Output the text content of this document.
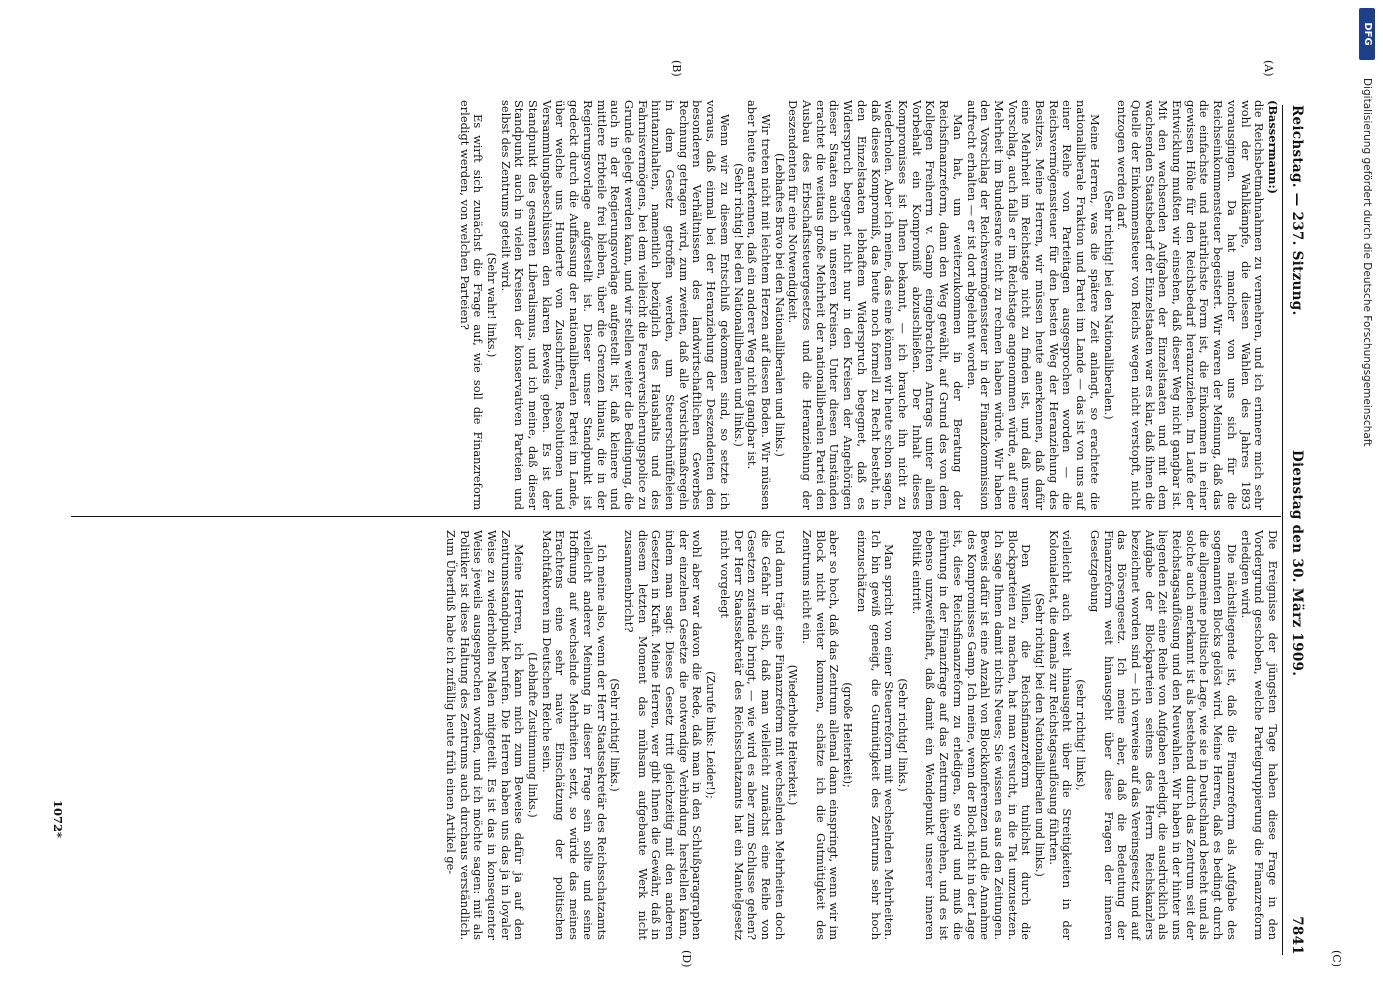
Reichstag. — 237. Sitzung.
Dienstag den 30. März 1909.
7841
(A)
(B)
(C)
(D)

(Bassermann:)

die Reichsbetmahnahmen zu vermehren, und ich erinnere mich sehr wohl der Wahlkämpfe, die diesen Wahlen des Jahres 1893 vorausgingen. Da hat mancher von uns sich für die Reichseinkommensteuer begeistert. Wir waren der Meinung, daß das die einfachste und natürlichste Form ist, die Einkommen in einer gewissen Höhe für den Reichsbedarf heranzuziehen. Im Laufe der Entwicklung mußten wir einsehen, daß dieser Weg nicht gangbar ist. Mit den wachsenden Aufgaben der Einzelstaaten und mit dem wachsenden Staatsbedarf der Einzelstaaten war es klar, daß ihnen die Quelle der Einkommensteuer von Reichs wegen nicht verstopft, nicht entzogen werden darf.

(Sehr richtig! bei den Nationalliberalen.)

Meine Herren, was die spätere Zeit anlangt, so erachtete die nationalliberale Fraktion und Partei im Lande — das ist von uns auf einer Reihe von Parteitagen ausgesprochen worden — die Reichsvermögenssteuer für den besten Weg der Heranziehung des Besitzes. Meine Herren, wir müssen heute anerkennen, daß dafür eine Mehrheit im Reichstage nicht zu finden ist, und daß unser Vorschlag, auch falls er im Reichstage angenommen würde, auf eine Mehrheit im Bundesrate nicht zu rechnen haben würde. Wir haben den Vorschlag der Reichsvermögenssteuer in der Finanzkommission aufrecht erhalten — er ist dort abgelehnt worden.

Man hat, um weiterzukommen in der Beratung der Reichsfinanzreform, dann den Weg gewählt, auf Grund des von dem Kollegen Freiherrn v. Gamp eingebrachten Antrags unter allem Vorbehalt ein Kompromiß abzuschließen. Der Inhalt dieses Kompromisses ist Ihnen bekannt, — ich brauche ihn nicht zu wiederholen. Aber ich meine, das eine können wir heute schon sagen, daß dieses Kompromiß, das heute noch formell zu Recht besteht, in den Einzelstaaten lebhaftem Widerspruch begegnet, daß es Widerspruch begegnet nicht nur in den Kreisen der Angehörigen dieser Staaten auch in unseren Kreisen. Unter diesen Umständen erachtet die weitaus große Mehrheit der nationalliberalen Partei den Ausbau des Erbschaftssteuergesetzes und die Heranziehung der Deszendenten für eine Notwendigkeit.

(Lebhaftes Bravo bei den Nationalliberalen und links.)

Wir treten nicht mit leichtem Herzen auf diesen Boden. Wir müssen aber heute anerkennen, daß ein anderer Weg nicht gangbar ist.

(Sehr richtig! bei den Nationalliberalen und links.)

Wenn wir zu diesem Entschluß gekommen sind, so setzte ich voraus, daß einmal bei der Heranziehung der Deszendenten den besonderen Verhältnissen des landwirtschaftlichen Gewerbes Rechnung getragen wird, zum zweiten, daß alle Vorsichtsmaßregeln in dem Gesetz getroffen werden, um Steuerschnüffeleien hintanzuhalten, namentlich bezüglich des Haushalts und des Fahrnisvermögens, bei dem vielleicht die Feuerversicherungspolice zu Grunde gelegt werden kann, und wir stellen weiter die Bedingung, die auch in der Regierungsvorlage aufgestellt ist, daß kleinere und mittlere Erbteile frei bleiben, über die Grenzen hinaus, die in der Regierungsvorlage aufgestellt ist. Dieser unser Standpunkt ist gedeckt durch die Auffassung der nationalliberalen Partei im Lande, über welche uns Hunderte von Zuschriften, Resolutionen und Versammlungsbeschlüssen den klaren Beweis geben. Es ist der Standpunkt des gesamten Liberalismus, und ich meine, daß dieser Standpunkt auch in vielen Kreisen der konservativen Parteien und selbst des Zentrums geteilt wird.

(Sehr wahr! links.)

Es wirft sich zunächst die Frage auf, wie soll die Finanzreform erledigt werden, von welchen Parteien?

Die Ereignisse der jüngsten Tage haben diese Frage in den Vordergrund geschoben, welche Parteigruppierung die Finanzreform erledigen wird.

Die nächstliegende ist, daß die Finanzreform als Aufgabe des sogenannten Blocks gelöst wird. Meine Herren, daß es bedingt durch die allgemeine politische Lage, wie sie in Deutschland besteht und als solche auch anerkannt ist als bestehend durch das Zentrum seit der Reichstagsauflösung und den Neuwahlen. Wir haben in der hinter uns liegenden Zeit eine Reihe von Aufgaben erledigt, die ausdrücklich als Aufgabe der Blockparteien seitens des Herrn Reichskanzlers bezeichnet worden sind — ich verweise auf das Vereinsgesetz und auf das Börsengesetz. Ich meine aber, daß die Bedeutung der Finanzreform weit hinausgeht über diese Fragen der inneren Gesetzgebung

(sehr richtig! links),

vielleicht auch weit hinausgeht über die Streitigkeiten in der Kolonialetat, die damals zur Reichstagsauflösung führten.

(Sehr richtig! bei den Nationalliberalen und links.)

Den Willen, die Reichsfinanzreform tunlichst durch die Blockparteien zu machen, hat man versucht, in die Tat umzusetzen. Ich sage Ihnen damit nichts Neues; Sie wissen es aus den Zeitungen. Beweis dafür ist eine Anzahl von Blockkonferenzen und die Annahme des Kompromisses Gamp. Ich meine, wenn der Block nicht in der Lage ist, diese Reichsfinanzreform zu erledigen, so wird und muß die Führung in der Finanzfrage auf das Zentrum übergehen, und es ist ebenso unzweifelhaft, daß damit ein Wendepunkt unserer inneren Politik eintritt.

(Sehr richtig! links.)

Man spricht von einer Steuerreform mit wechselnden Mehrheiten. Ich bin gewiß geneigt, die Gutmütigkeit des Zentrums sehr hoch einzuschätzen

(große Heiterkeit);

aber so hoch, daß das Zentrum allemal dann einspringt, wenn wir im Block nicht weiter kommen, schätze ich die Gutmütigkeit des Zentrums nicht ein.

(Wiederholte Heiterkeit.)

Und dann trägt eine Finanzreform mit wechselnden Mehrheiten doch die Gefahr in sich, daß man vielleicht zunächst eine Reihe von Gesetzen zustande bringt, — wie wird es aber zum Schlusse gehen? Der Herr Staatssekretär des Reichsschatzamts hat ein Mantelgesetz nicht vorgelegt

(Zurufe links: Leider!);

wohl aber war davon die Rede, daß man in den Schlußparagraphen der einzelnen Gesetze die notwendige Verbindung herstellen kann, indem man sagt: Dieses Gesetz tritt gleichzeitig mit den anderen Gesetzen in Kraft. Meine Herren, wer gibt Ihnen die Gewähr, daß in diesem letzten Moment das mühsam aufgebaute Werk nicht zusammenbricht?

(Sehr richtig! links.)

Ich meine also, wenn der Herr Staatssekretär des Reichsschatzamts vielleicht anderer Meinung in dieser Frage sein sollte und seine Hoffnung auf wechselnde Mehrheiten setzt, so würde das meines Erachtens eine sehr naive Einschätzung der politischen Machtfaktoren im Deutschen Reiche sein.

(Lebhafte Zustimmung links.)

Meine Herren, ich kann mich zum Beweise dafür ja auf den Zentrumsstandpunkt berufen. Die Herren haben uns das ja in loyaler Weise zu wiederholten Malen mitgeteilt. Es ist das in konsequenter Weise jeweils ausgesprochen worden, und ich möchte sagen: mit als Politiker ist diese Haltung des Zentrums auch durchaus verständlich. Zum Überfluß habe ich zufällig heute früh einen Artikel ge-

1072*
DFG
Digitalisierung gefördert durch die Deutsche Forschungsgemeinschaft
